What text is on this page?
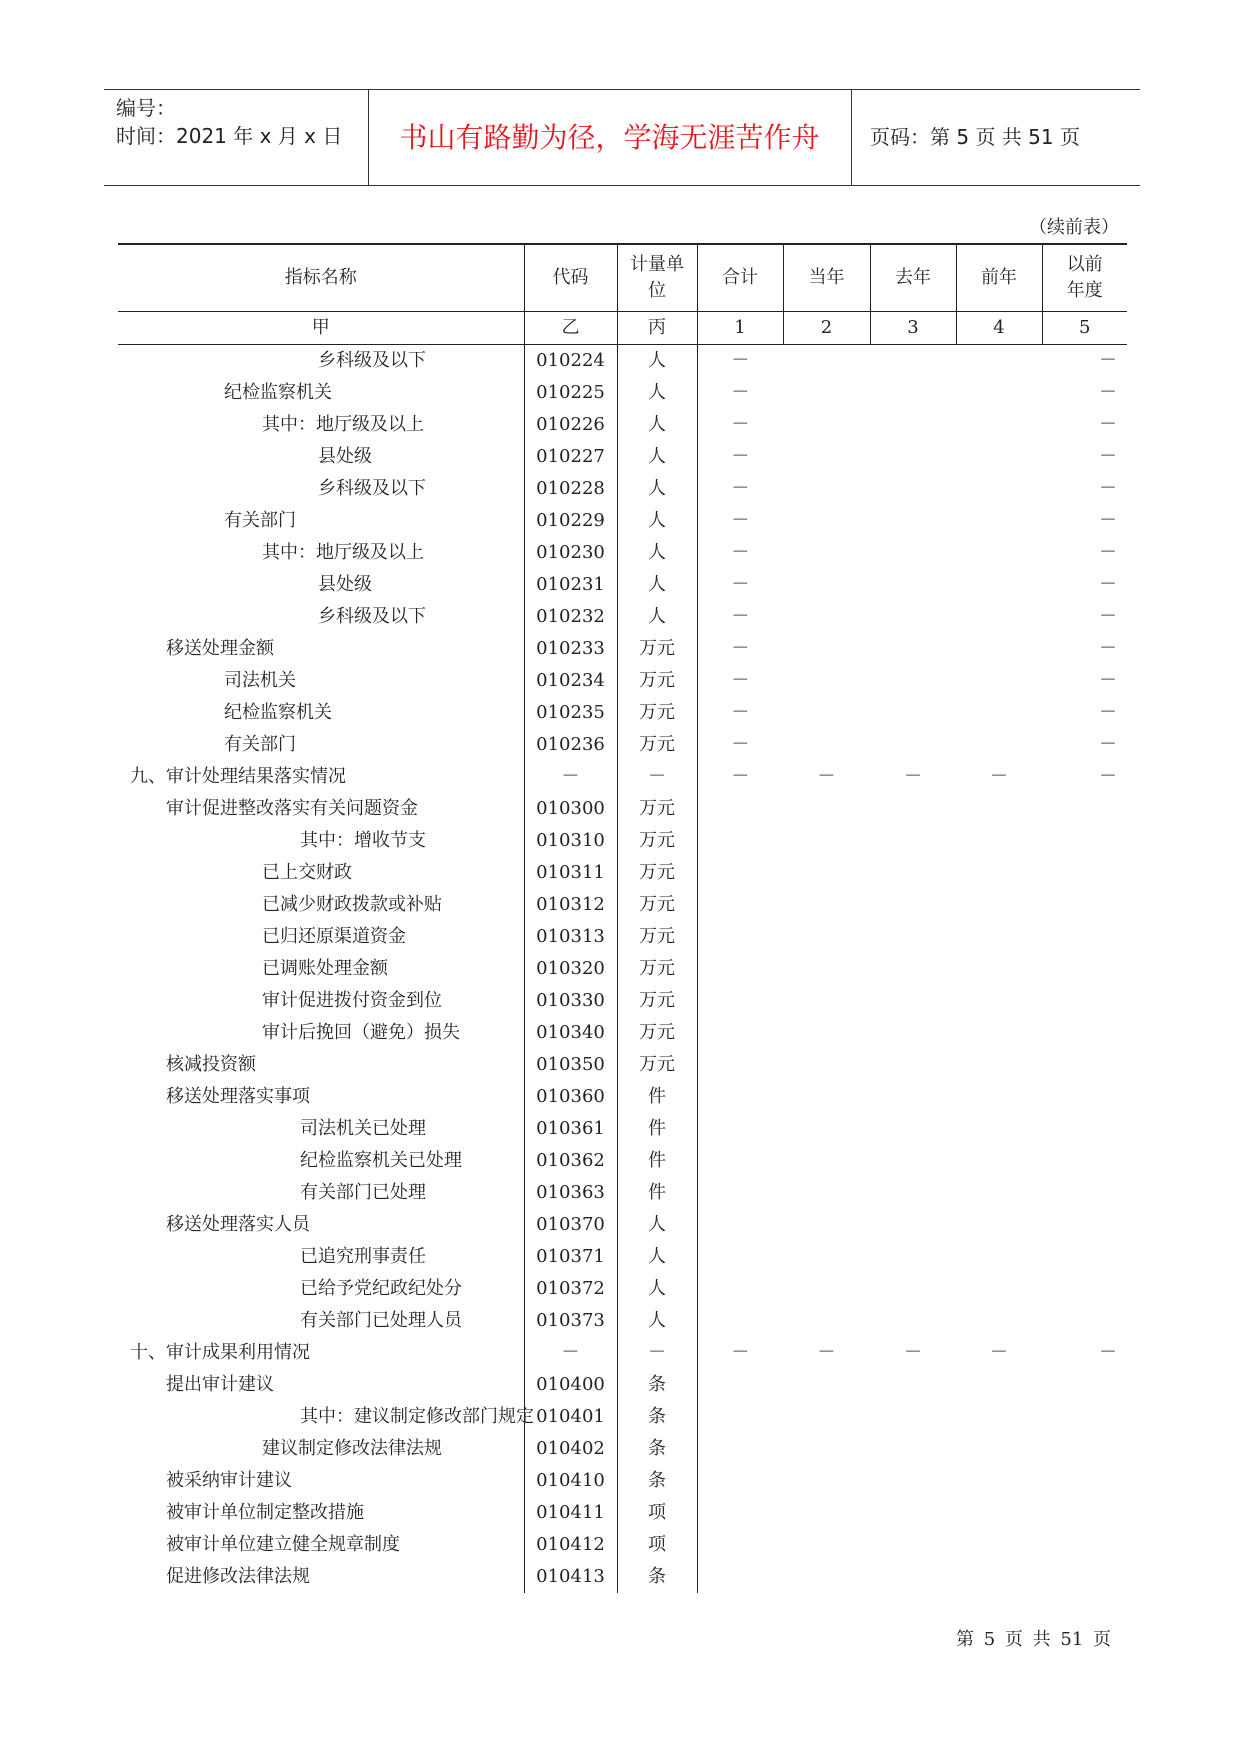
编号：
时间：2021 年 x 月 x 日	书山有路勤为径，学海无涯苦作舟	页码：第 5 页 共 51 页
（续前表）
指标名称	代码	计量单位	合计	当年	去年	前年	以前年度

甲	乙	丙	1	2	3	4	5
乡科级及以下	010224	人	－				－
纪检监察机关	010225	人	－				－
其中：地厅级及以上	010226	人	－				－
县处级	010227	人	－				－
乡科级及以下	010228	人	－				－
有关部门	010229	人	－				－
其中：地厅级及以上	010230	人	－				－
县处级	010231	人	－				－
乡科级及以下	010232	人	－				－
移送处理金额	010233	万元	－				－
司法机关	010234	万元	－				－
纪检监察机关	010235	万元	－				－
有关部门	010236	万元	－				－
九、审计处理结果落实情况	－	－	－	－	－	－	－
审计促进整改落实有关问题资金	010300	万元					
其中：增收节支	010310	万元					
已上交财政	010311	万元					
已减少财政拨款或补贴	010312	万元					
已归还原渠道资金	010313	万元					
已调账处理金额	010320	万元					
审计促进拨付资金到位	010330	万元					
审计后挽回（避免）损失	010340	万元					
核减投资额	010350	万元					
移送处理落实事项	010360	件					
司法机关已处理	010361	件					
纪检监察机关已处理	010362	件					
有关部门已处理	010363	件					
移送处理落实人员	010370	人					
已追究刑事责任	010371	人					
已给予党纪政纪处分	010372	人					
有关部门已处理人员	010373	人					
十、审计成果利用情况	－	－	－	－	－	－	－
提出审计建议	010400	条					
其中：建议制定修改部门规定	010401	条					
建议制定修改法律法规	010402	条					
被采纳审计建议	010410	条					
被审计单位制定整改措施	010411	项					
被审计单位建立健全规章制度	010412	项					
促进修改法律法规	010413	条					
第 5 页 共 51 页
